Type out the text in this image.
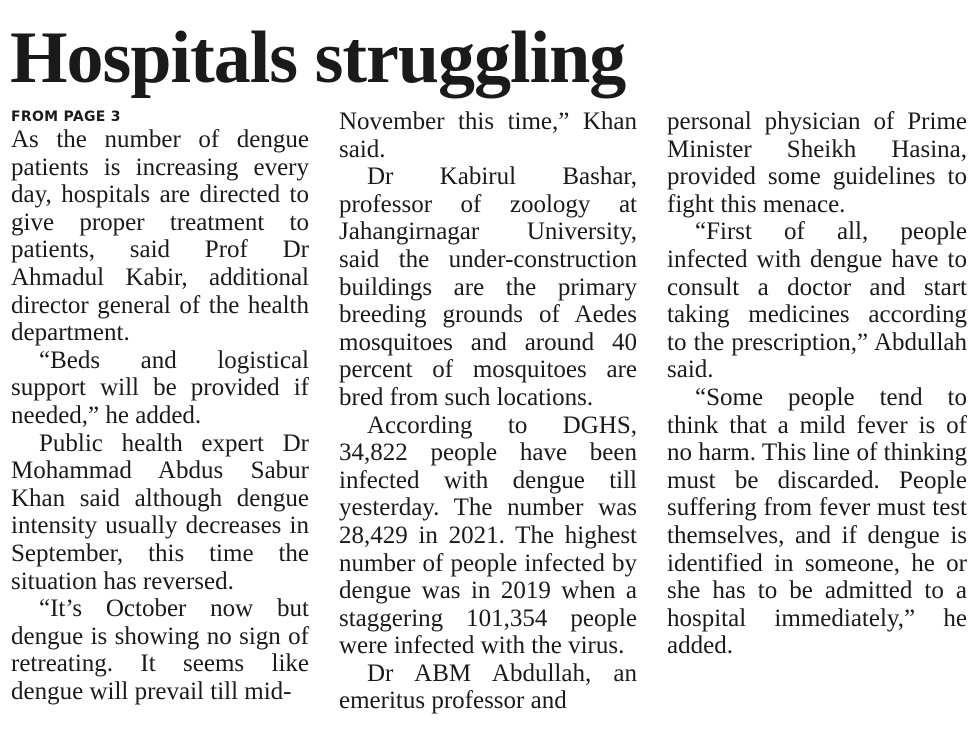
Hospitals struggling
FROM PAGE 3

As the number of dengue patients is increasing every day, hospitals are directed to give proper treatment to patients, said Prof Dr Ahmadul Kabir, additional director general of the health department.

“Beds and logistical support will be provided if needed,” he added.

Public health expert Dr Mohammad Abdus Sabur Khan said although dengue intensity usually decreases in September, this time the situation has reversed.

“It’s October now but dengue is showing no sign of retreating. It seems like dengue will prevail till mid-

November this time,” Khan said.

Dr Kabirul Bashar, professor of zoology at Jahangirnagar University, said the under-construction buildings are the primary breeding grounds of Aedes mosquitoes and around 40 percent of mosquitoes are bred from such locations.

According to DGHS, 34,822 people have been infected with dengue till yesterday. The number was 28,429 in 2021. The highest number of people infected by dengue was in 2019 when a staggering 101,354 people were infected with the virus.

Dr ABM Abdullah, an emeritus professor and

personal physician of Prime Minister Sheikh Hasina, provided some guidelines to fight this menace.

“First of all, people infected with dengue have to consult a doctor and start taking medicines according to the prescription,” Abdullah said.

“Some people tend to think that a mild fever is of no harm. This line of thinking must be discarded. People suffering from fever must test themselves, and if dengue is identified in someone, he or she has to be admitted to a hospital immediately,” he added.
